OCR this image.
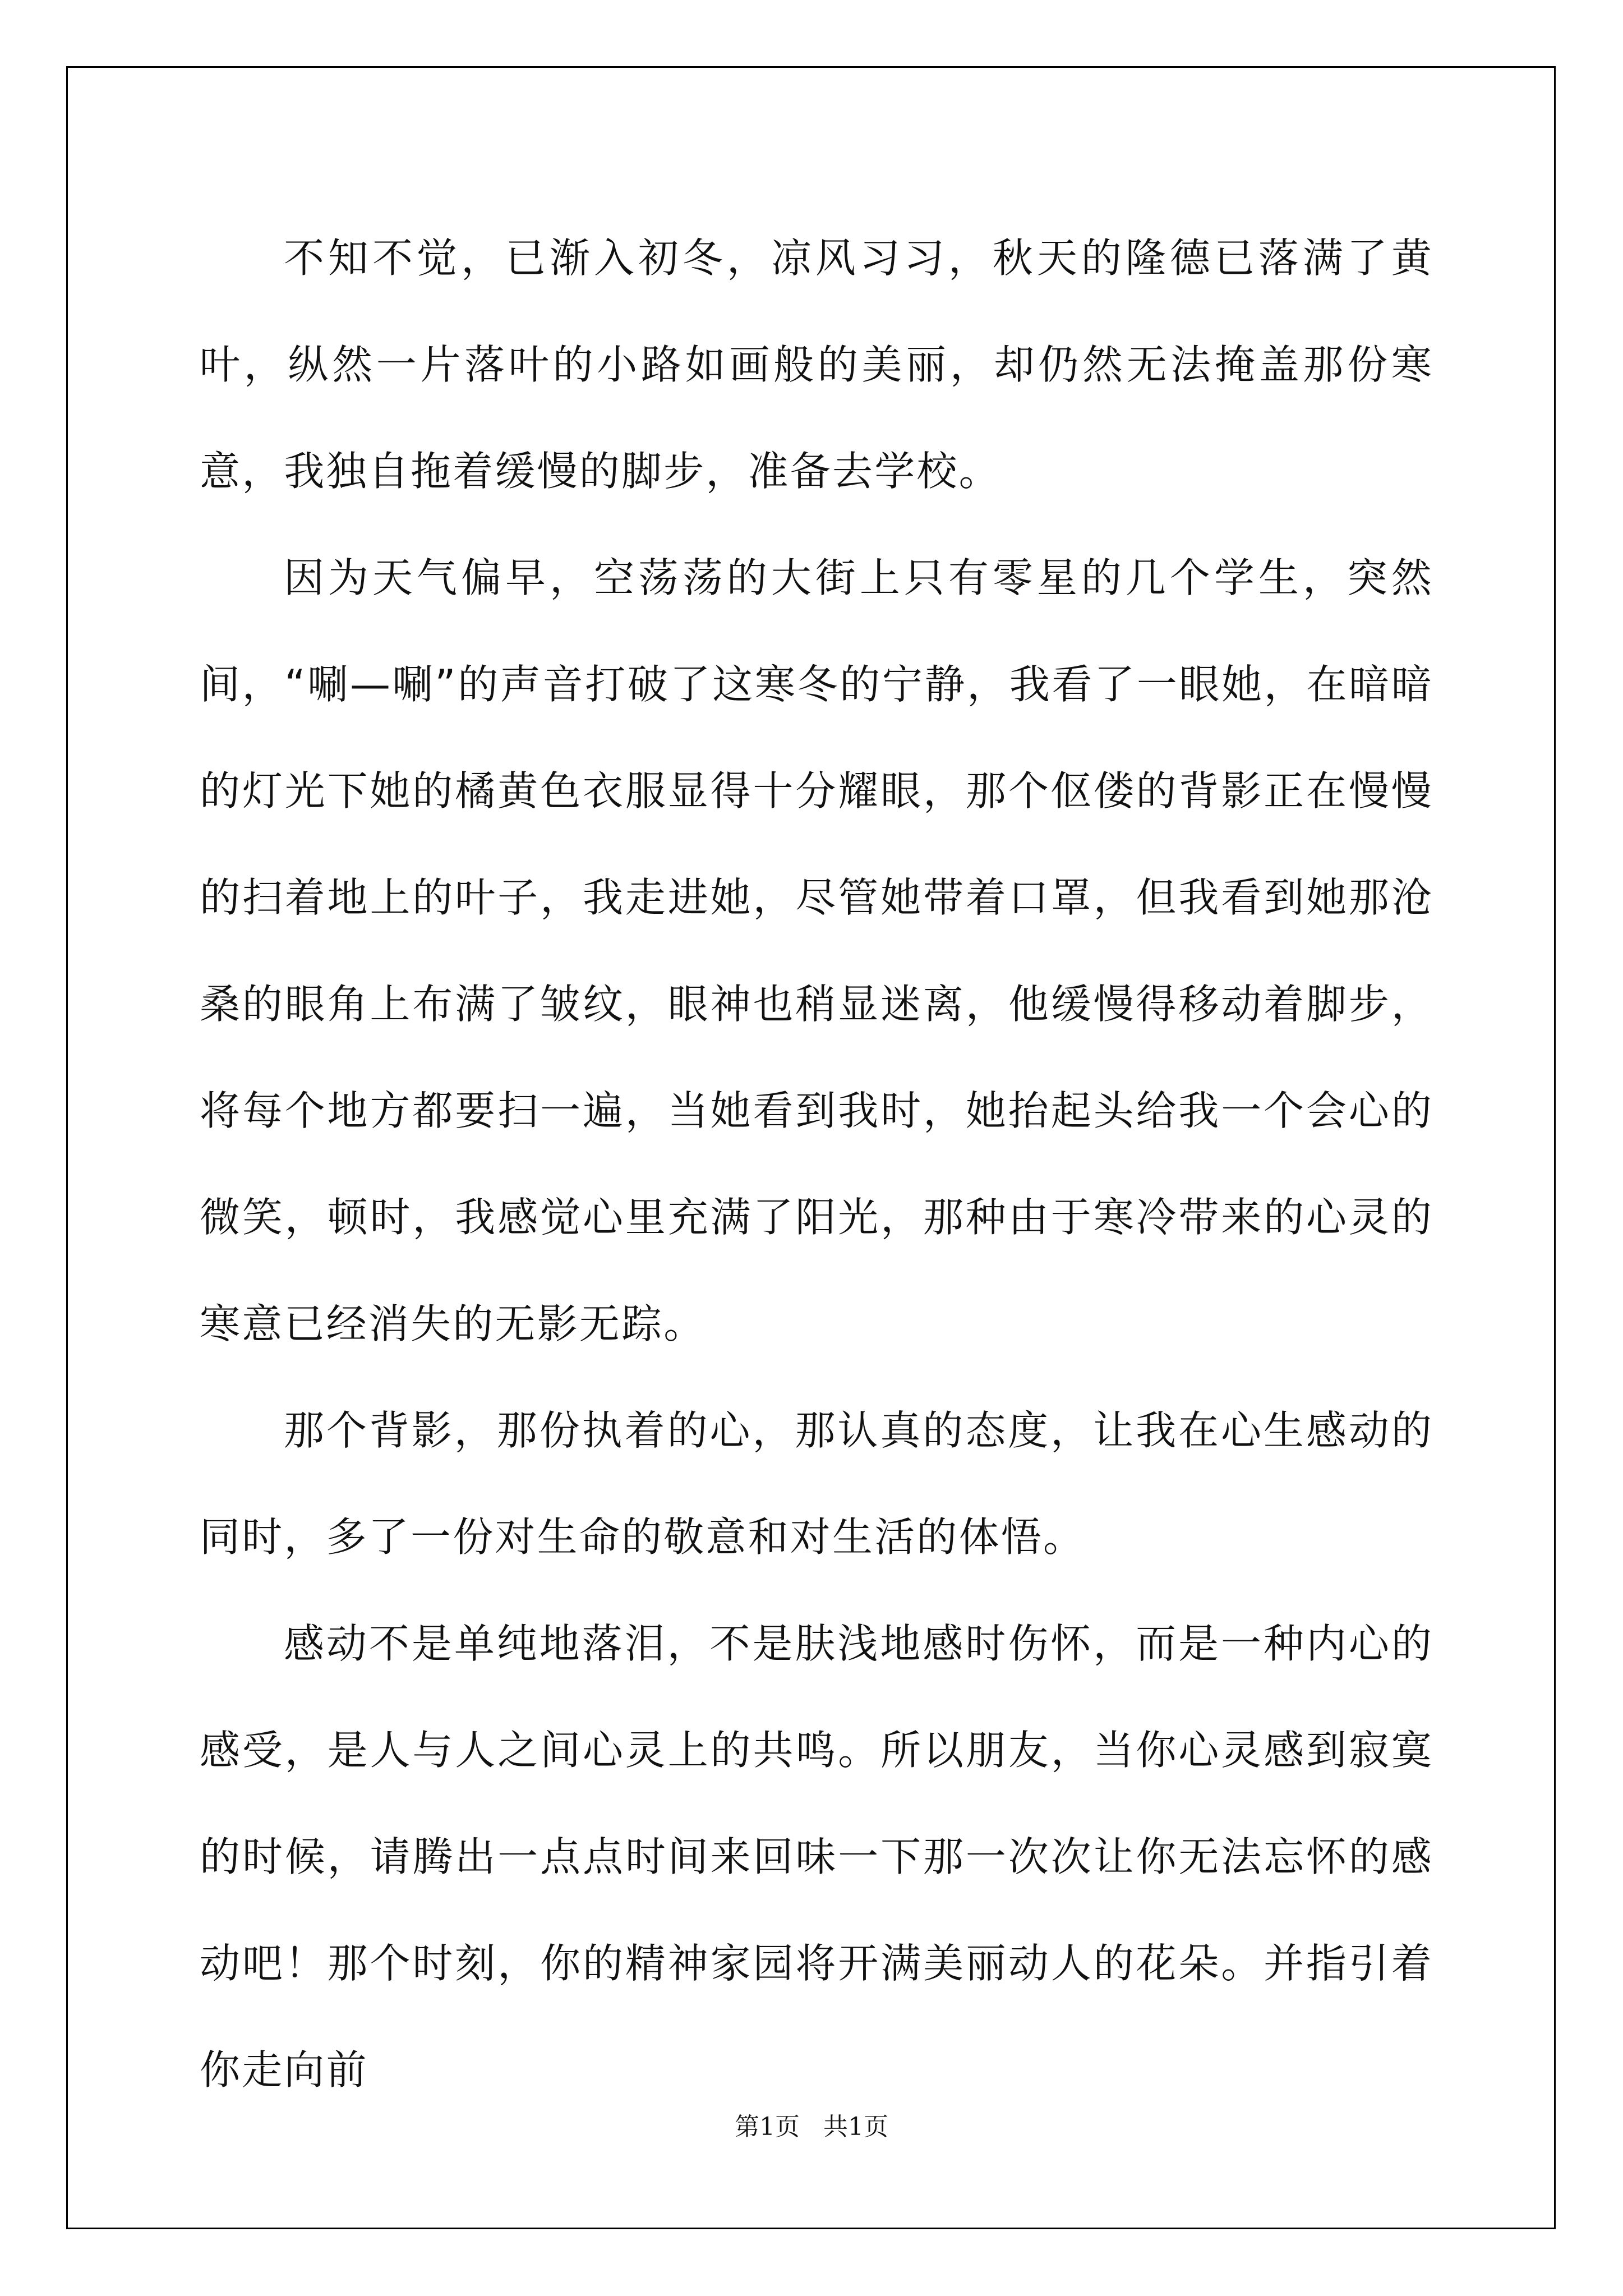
不知不觉，已渐入初冬，凉风习习，秋天的隆德已落满了黄叶，纵然一片落叶的小路如画般的美丽，却仍然无法掩盖那份寒意，我独自拖着缓慢的脚步，准备去学校。

因为天气偏早，空荡荡的大街上只有零星的几个学生，突然间，“唰—唰”的声音打破了这寒冬的宁静，我看了一眼她，在暗暗的灯光下她的橘黄色衣服显得十分耀眼，那个伛偻的背影正在慢慢的扫着地上的叶子，我走进她，尽管她带着口罩，但我看到她那沧桑的眼角上布满了皱纹，眼神也稍显迷离，他缓慢得移动着脚步，将每个地方都要扫一遍，当她看到我时，她抬起头给我一个会心的微笑，顿时，我感觉心里充满了阳光，那种由于寒冷带来的心灵的寒意已经消失的无影无踪。

那个背影，那份执着的心，那认真的态度，让我在心生感动的同时，多了一份对生命的敬意和对生活的体悟。

感动不是单纯地落泪，不是肤浅地感时伤怀，而是一种内心的感受，是人与人之间心灵上的共鸣。所以朋友，当你心灵感到寂寞的时候，请腾出一点点时间来回味一下那一次次让你无法忘怀的感动吧！那个时刻，你的精神家园将开满美丽动人的花朵。并指引着你走向前

第1页   共1页
